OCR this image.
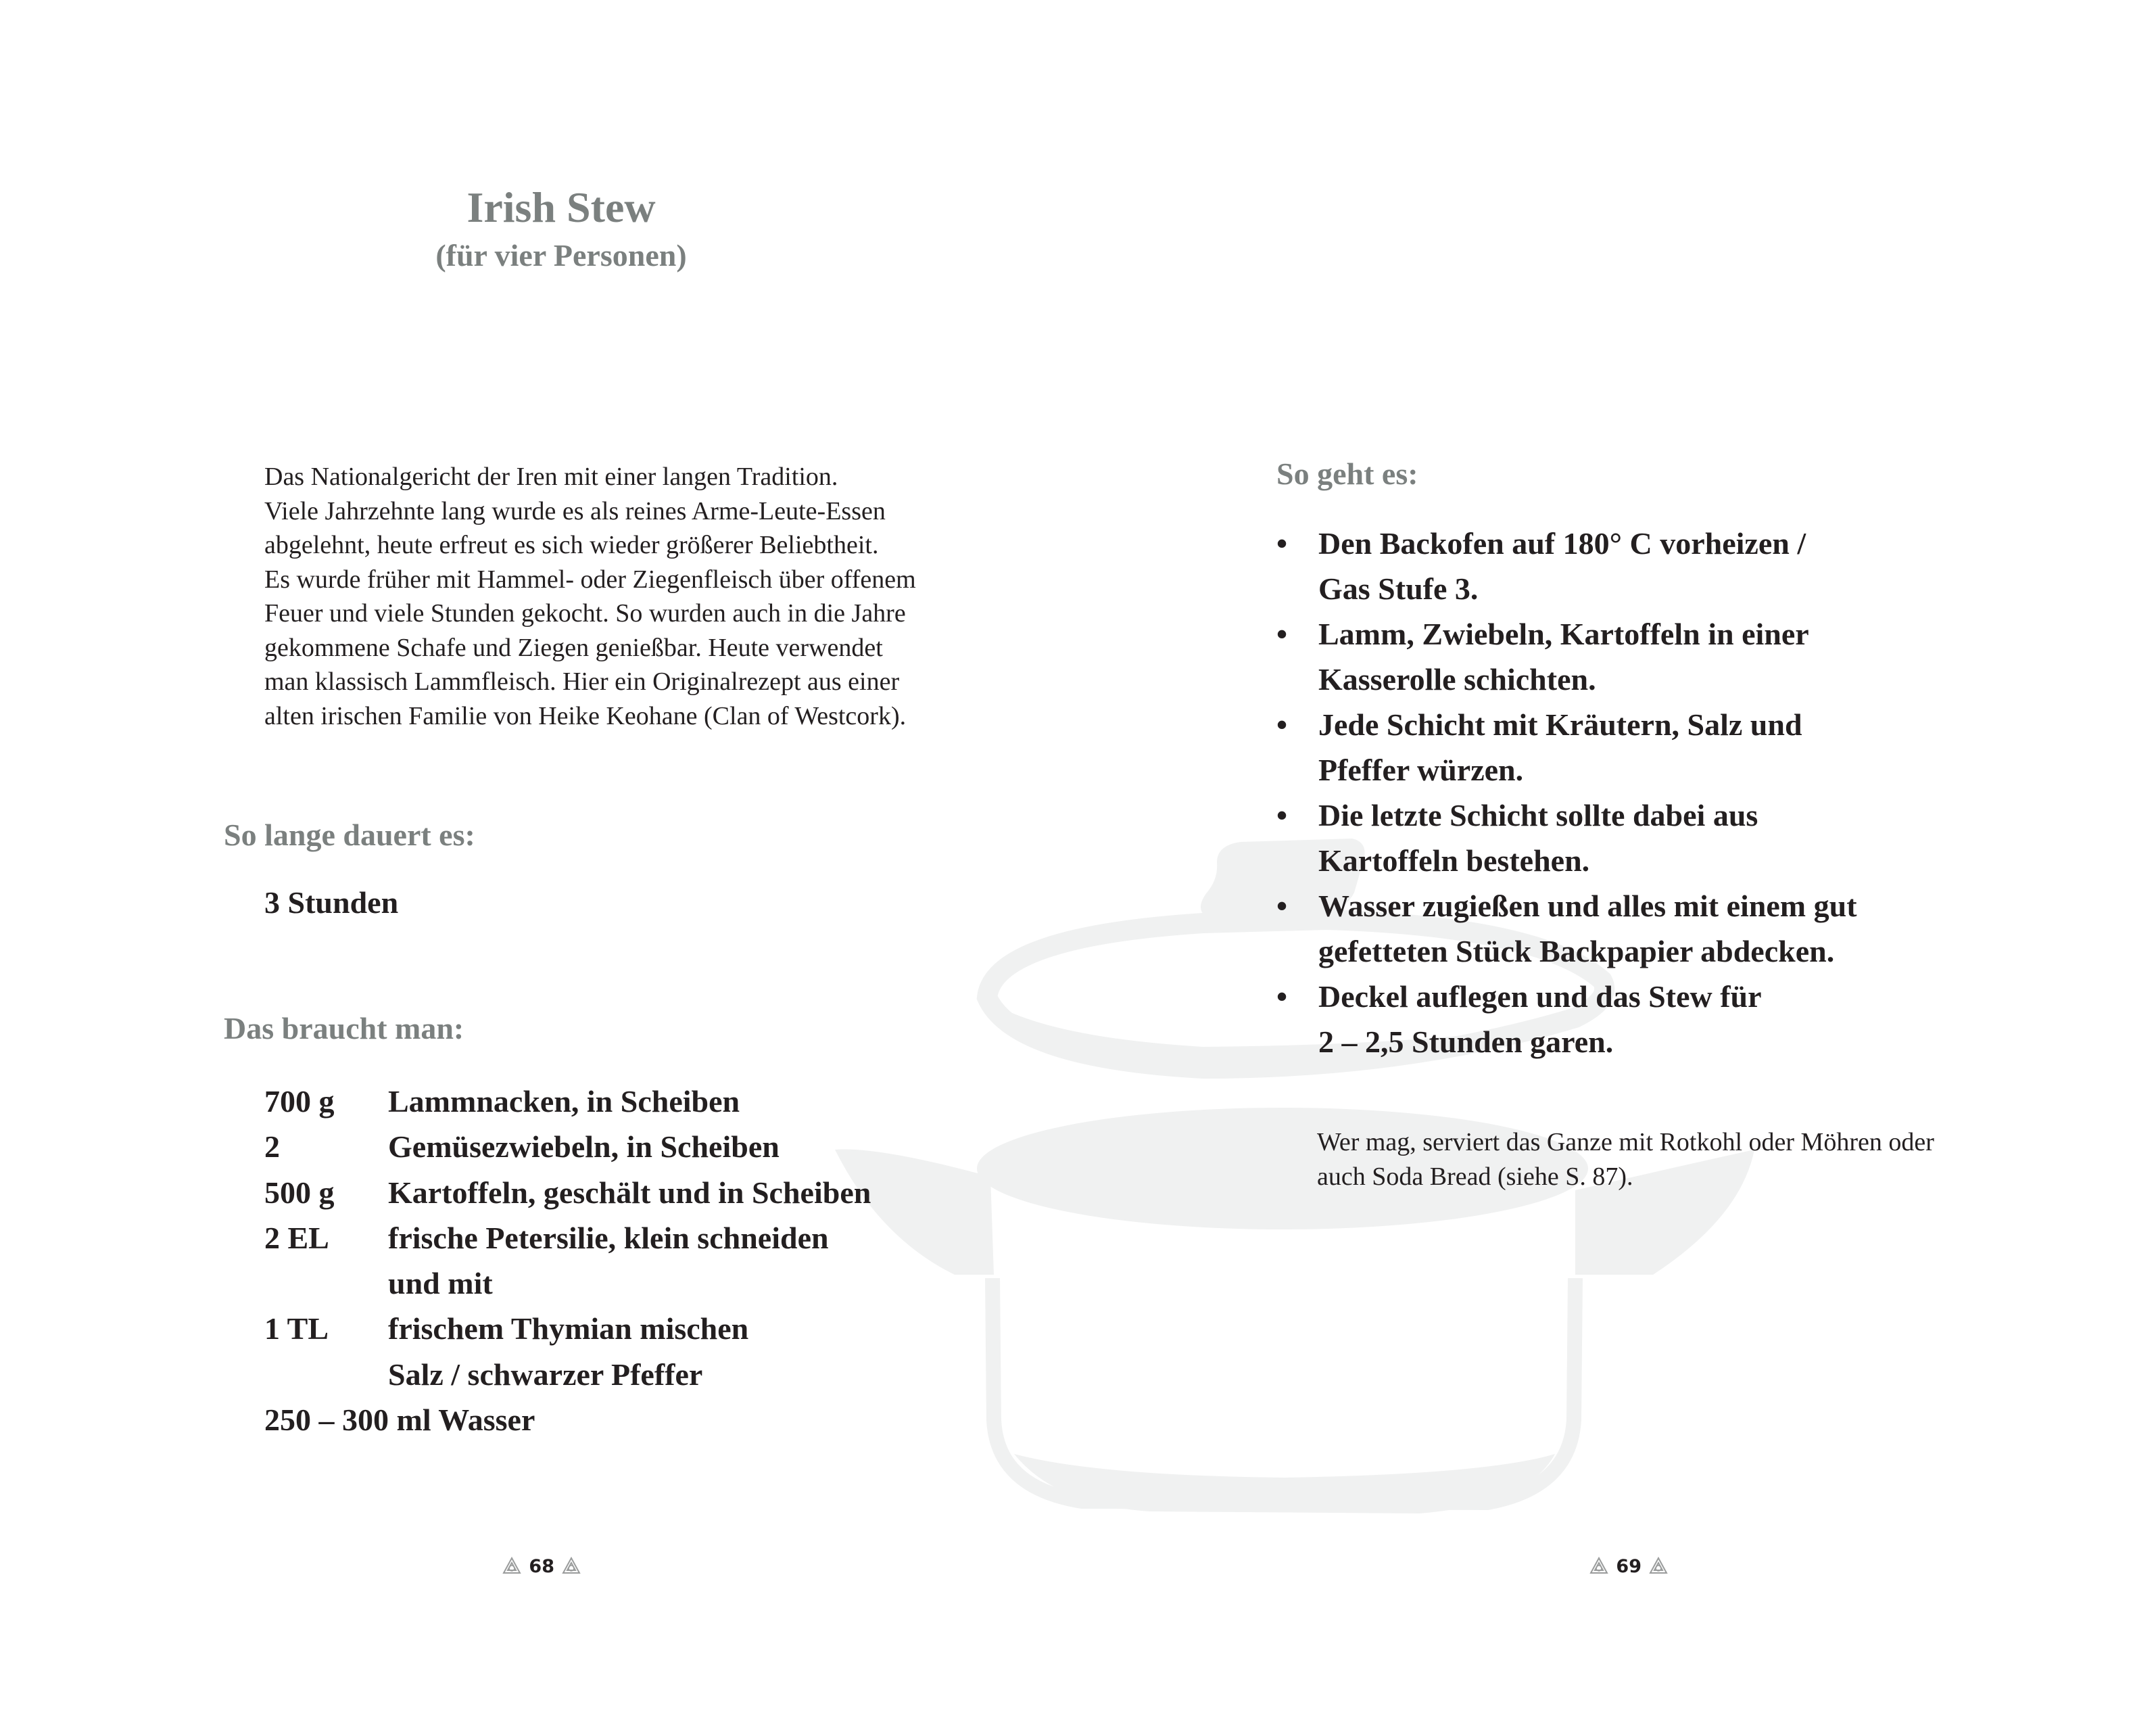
Irish Stew
(für vier Personen)
Das Nationalgericht der Iren mit einer langen Tradition.
Viele Jahrzehnte lang wurde es als reines Arme-Leute-Essen
abgelehnt, heute erfreut es sich wieder größerer Beliebtheit.
Es wurde früher mit Hammel- oder Ziegenfleisch über offenem
Feuer und viele Stunden gekocht. So wurden auch in die Jahre
gekommene Schafe und Ziegen genießbar. Heute verwendet
man klassisch Lammfleisch. Hier ein Originalrezept aus einer
alten irischen Familie von Heike Keohane (Clan of Westcork).
So lange dauert es:
3 Stunden
Das braucht man:
700 g Lammnacken, in Scheiben
2	Gemüsezwiebeln, in Scheiben
500 g Kartoffeln, geschält und in Scheiben
2 EL frische Petersilie, klein schneiden
und mit
1 TL frischem Thymian mischen
Salz / schwarzer Pfeffer
250 – 300 ml Wasser
68
So geht es:
• Den Backofen auf 180° C vorheizen /
Gas Stufe 3.
• Lamm, Zwiebeln, Kartoffeln in einer
Kasserolle schichten.
• Jede Schicht mit Kräutern, Salz und
Pfeffer würzen.
• Die letzte Schicht sollte dabei aus
Kartoffeln bestehen.
• Wasser zugießen und alles mit einem gut
gefetteten Stück Backpapier abdecken.
• Deckel auflegen und das Stew für
2 – 2,5 Stunden garen.
Wer mag, serviert das Ganze mit Rotkohl oder Möhren oder
auch Soda Bread (siehe S. 87).
69
